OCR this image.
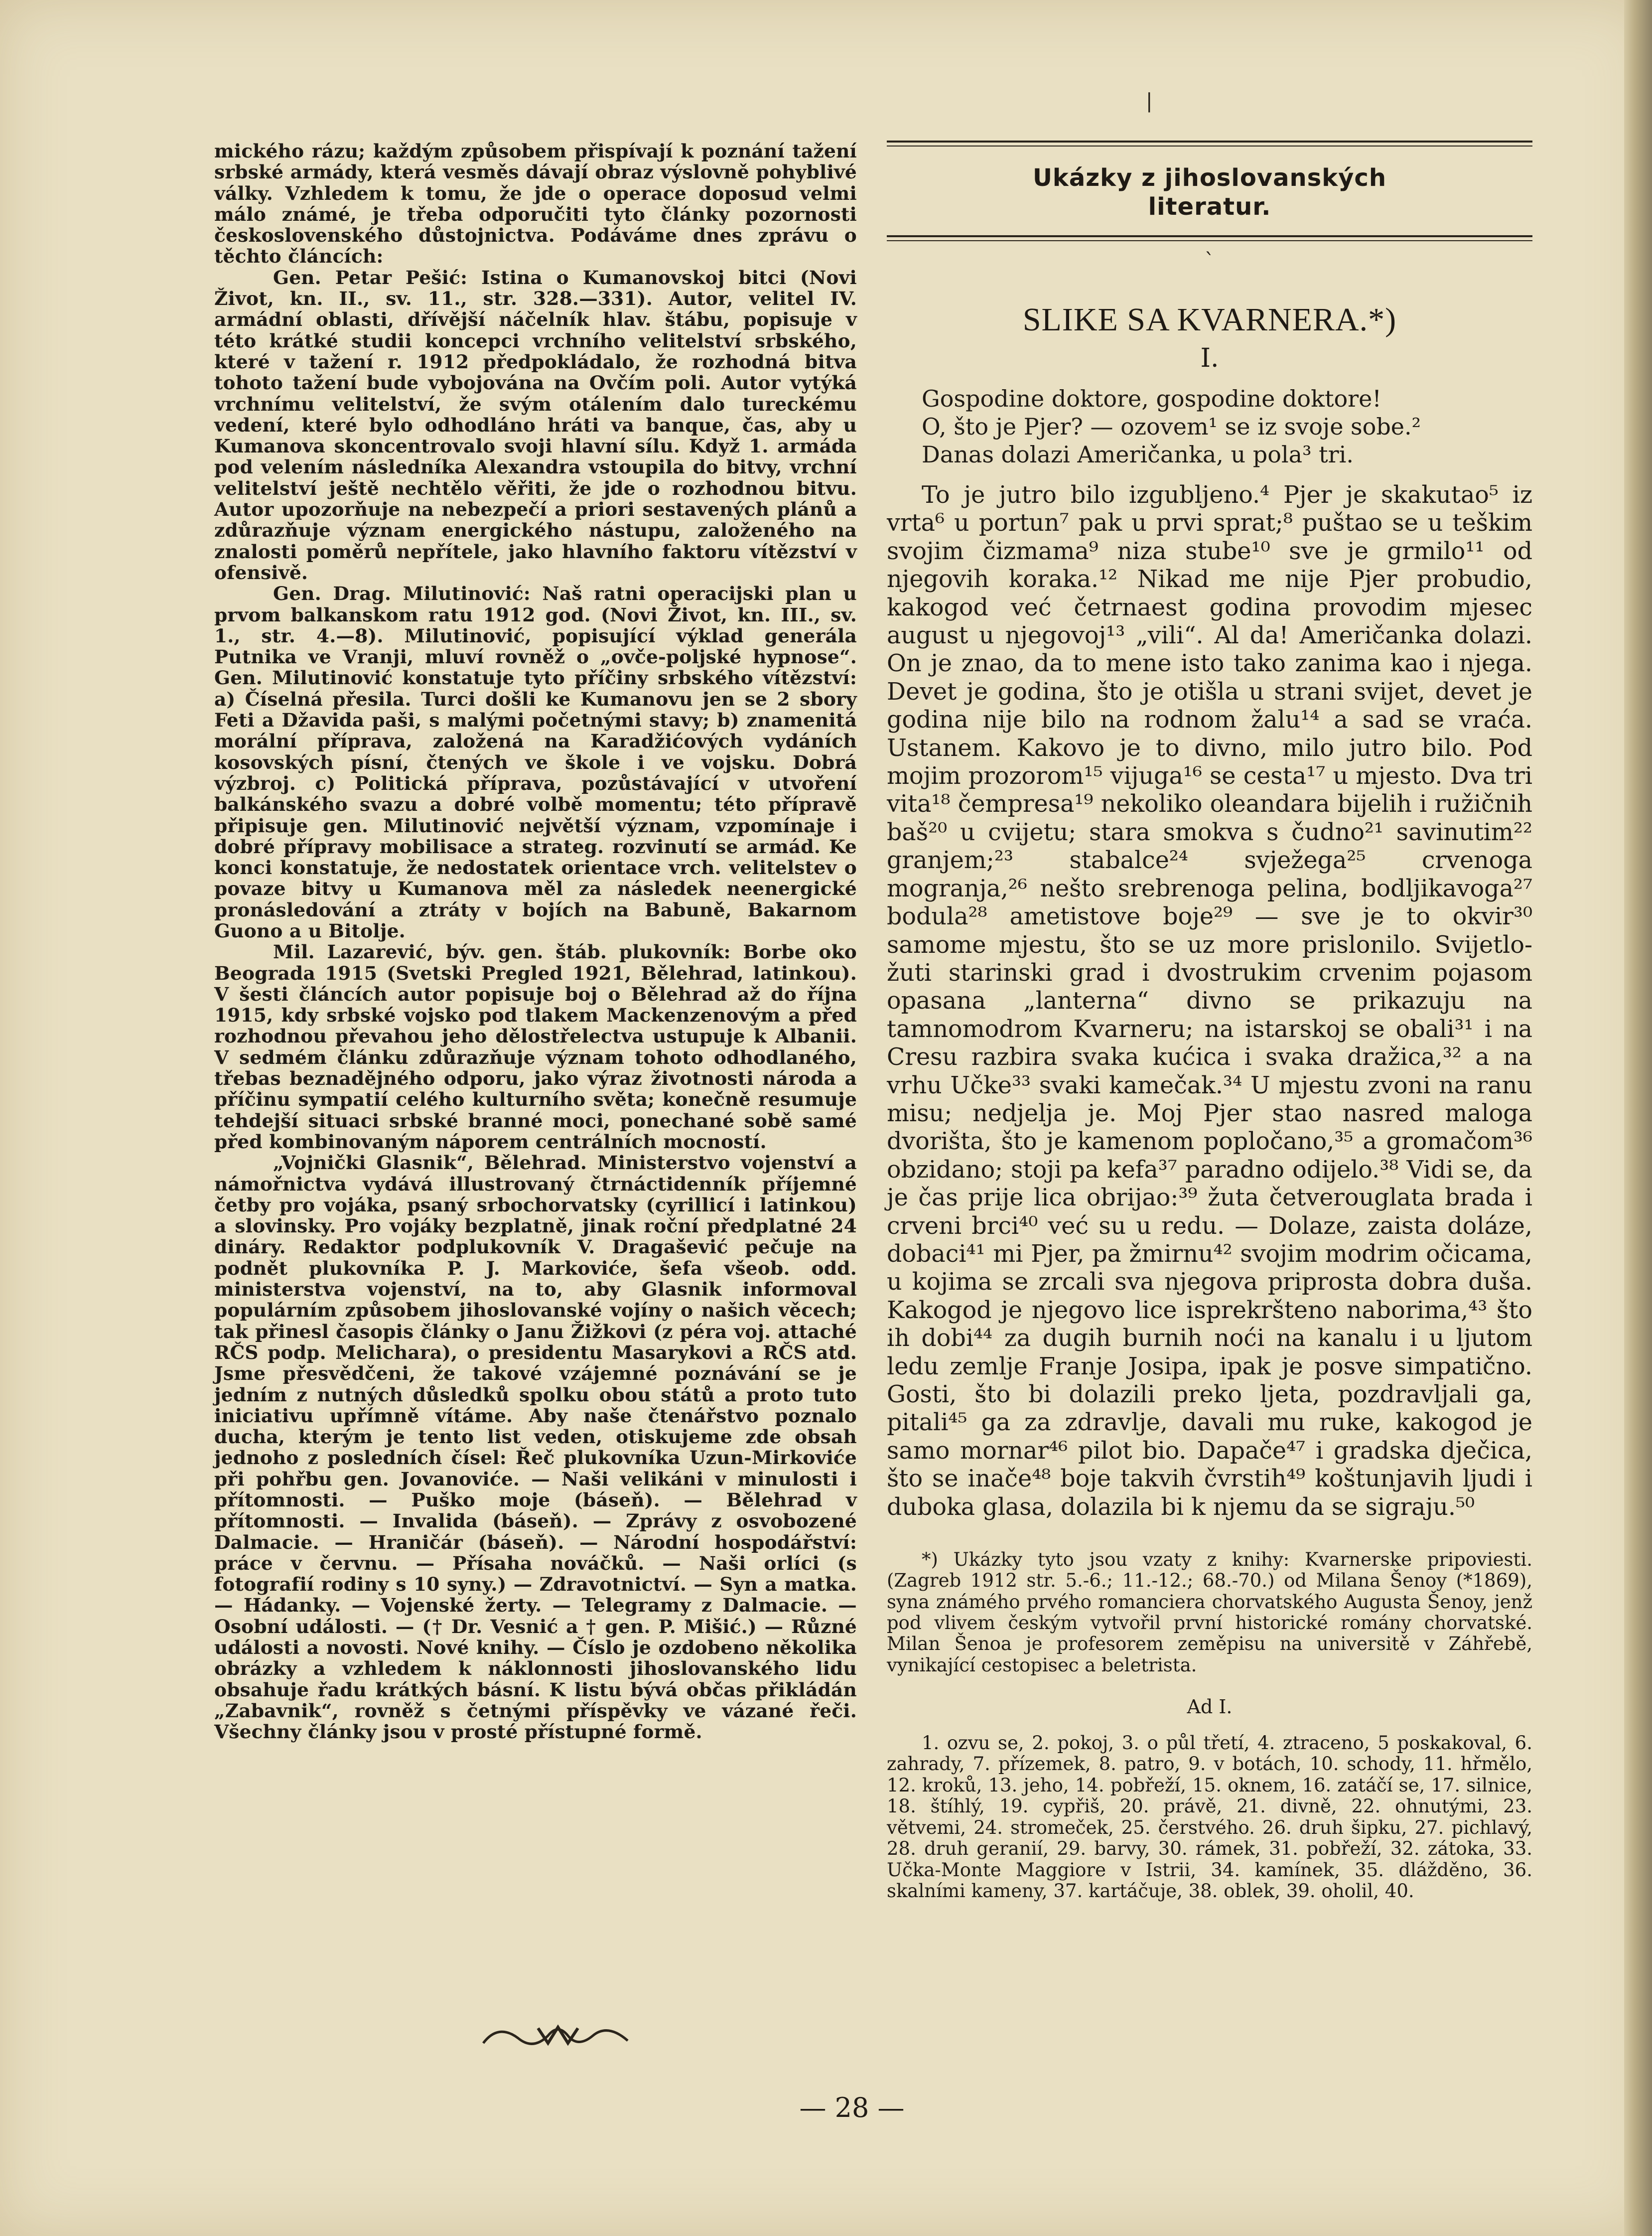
|

mického rázu; každým způsobem přispívají k poznání tažení srbské armády, která vesměs dávají obraz výslovně pohyblivé války. Vzhledem k tomu, že jde o operace doposud velmi málo známé, je třeba odporučiti tyto články pozornosti československého důstojnictva. Podáváme dnes zprávu o těchto článcích:

Gen. Petar Pešić: Istina o Kumanovskoj bitci (Novi Život, kn. II., sv. 11., str. 328.—331). Autor, velitel IV. armádní oblasti, dřívější náčelník hlav. štábu, popisuje v této krátké studii koncepci vrchního velitelství srbského, které v tažení r. 1912 předpokládalo, že rozhodná bitva tohoto tažení bude vybojována na Ovčím poli. Autor vytýká vrchnímu velitelství, že svým otálením dalo tureckému vedení, které bylo odhodláno hráti va banque, čas, aby u Kumanova skoncentrovalo svoji hlavní sílu. Když 1. armáda pod velením následníka Alexandra vstoupila do bitvy, vrchní velitelství ještě nechtělo věřiti, že jde o rozhodnou bitvu. Autor upozorňuje na nebezpečí a priori sestavených plánů a zdůrazňuje význam energického nástupu, založeného na znalosti poměrů nepřítele, jako hlavního faktoru vítězství v ofensivě.

Gen. Drag. Milutinović: Naš ratni operacijski plan u prvom balkanskom ratu 1912 god. (Novi Život, kn. III., sv. 1., str. 4.—8). Milutinović, popisující výklad generála Putnika ve Vranji, mluví rovněž o „ovče-poljské hypnose“. Gen. Milutinović konstatuje tyto příčiny srbského vítězství: a) Číselná přesila. Turci došli ke Kumanovu jen se 2 sbory Feti a Džavida paši, s malými početnými stavy; b) znamenitá morální příprava, založená na Karadžićových vydáních kosovských písní, čtených ve škole i ve vojsku. Dobrá výzbroj. c) Politická příprava, pozůstávající v utvoření balkánského svazu a dobré volbě momentu; této přípravě připisuje gen. Milutinović největší význam, vzpomínaje i dobré přípravy mobilisace a strateg. rozvinutí se armád. Ke konci konstatuje, že nedostatek orientace vrch. velitelstev o povaze bitvy u Kumanova měl za následek neenergické pronásledování a ztráty v bojích na Babuně, Bakarnom Guono a u Bitolje.

Mil. Lazarević, býv. gen. štáb. plukovník: Borbe oko Beograda 1915 (Svetski Pregled 1921, Bělehrad, latinkou). V šesti článcích autor popisuje boj o Bělehrad až do října 1915, kdy srbské vojsko pod tlakem Mackenzenovým a před rozhodnou převahou jeho dělostřelectva ustupuje k Albanii. V sedmém článku zdůrazňuje význam tohoto odhodlaného, třebas beznadějného odporu, jako výraz životnosti národa a příčinu sympatií celého kulturního světa; konečně resumuje tehdejší situaci srbské branné moci, ponechané sobě samé před kombinovaným náporem centrálních mocností.

„Vojnički Glasnik“, Bělehrad. Ministerstvo vojenství a námořnictva vydává illustrovaný čtrnáctidenník příjemné četby pro vojáka, psaný srbochorvatsky (cyrillicí i latinkou) a slovinsky. Pro vojáky bezplatně, jinak roční předplatné 24 dináry. Redaktor podplukovník V. Dragašević pečuje na podnět plukovníka P. J. Markoviće, šefa všeob. odd. ministerstva vojenství, na to, aby Glasnik informoval populárním způsobem jihoslovanské vojíny o našich věcech; tak přinesl časopis články o Janu Žižkovi (z péra voj. attaché RČS podp. Melichara), o presidentu Masarykovi a RČS atd. Jsme přesvědčeni, že takové vzájemné poznávání se je jedním z nutných důsledků spolku obou států a proto tuto iniciativu upřímně vítáme. Aby naše čtenářstvo poznalo ducha, kterým je tento list veden, otiskujeme zde obsah jednoho z posledních čísel: Řeč plukovníka Uzun-Mirkoviće při pohřbu gen. Jovanoviće. — Naši velikáni v minulosti i přítomnosti. — Puško moje (báseň). — Bělehrad v přítomnosti. — Invalida (báseň). — Zprávy z osvobozené Dalmacie. — Hraničár (báseň). — Národní hospodářství: práce v červnu. — Přísaha nováčků. — Naši orlíci (s fotografií rodiny s 10 syny.) — Zdravotnictví. — Syn a matka. — Hádanky. — Vojenské žerty. — Telegramy z Dalmacie. — Osobní události. — († Dr. Vesnić a † gen. P. Mišić.) — Různé události a novosti. Nové knihy. — Číslo je ozdobeno několika obrázky a vzhledem k náklonnosti jihoslovanského lidu obsahuje řadu krátkých básní. K listu bývá občas přikládán „Zabavnik“, rovněž s četnými příspěvky ve vázané řeči. Všechny články jsou v prosté přístupné formě.

Ukázky z jihoslovanských
literatur.
`
SLIKE SA KVARNERA.*)
I.
Gospodine doktore, gospodine doktore!
O, što je Pjer? — ozovem¹ se iz svoje sobe.²
Danas dolazi Američanka, u pola³ tri.

To je jutro bilo izgubljeno.⁴ Pjer je skakutao⁵ iz vrta⁶ u portun⁷ pak u prvi sprat;⁸ puštao se u teškim svojim čizmama⁹ niza stube¹⁰ sve je grmilo¹¹ od njegovih koraka.¹² Nikad me nije Pjer probudio, kakogod već četrnaest godina provodim mjesec august u njegovoj¹³ „vili“. Al da! Američanka dolazi. On je znao, da to mene isto tako zanima kao i njega. Devet je godina, što je otišla u strani svijet, devet je godina nije bilo na rodnom žalu¹⁴ a sad se vraća. Ustanem. Kakovo je to divno, milo jutro bilo. Pod mojim prozorom¹⁵ vijuga¹⁶ se cesta¹⁷ u mjesto. Dva tri vita¹⁸ čempresa¹⁹ nekoliko oleandara bijelih i ružičnih baš²⁰ u cvijetu; stara smokva s čudno²¹ savinutim²² granjem;²³ stabalce²⁴ svježega²⁵ crvenoga mogranja,²⁶ nešto srebrenoga pelina, bodljikavoga²⁷ bodula²⁸ ametistove boje²⁹ — sve je to okvir³⁰ samome mjestu, što se uz more prislonilo. Svijetlo-žuti starinski grad i dvostrukim crvenim pojasom opasana „lanterna“ divno se prikazuju na tamnomodrom Kvarneru; na istarskoj se obali³¹ i na Cresu razbira svaka kućica i svaka dražica,³² a na vrhu Učke³³ svaki kamečak.³⁴ U mjestu zvoni na ranu misu; nedjelja je. Moj Pjer stao nasred maloga dvorišta, što je kamenom popločano,³⁵ a gromačom³⁶ obzidano; stoji pa kefa³⁷ paradno odijelo.³⁸ Vidi se, da je čas prije lica obrijao:³⁹ žuta četverouglata brada i crveni brci⁴⁰ već su u redu. — Dolaze, zaista doláze, dobaci⁴¹ mi Pjer, pa žmirnu⁴² svojim modrim očicama, u kojima se zrcali sva njegova priprosta dobra duša. Kakogod je njegovo lice isprekršteno naborima,⁴³ što ih dobi⁴⁴ za dugih burnih noći na kanalu i u ljutom ledu zemlje Franje Josipa, ipak je posve simpatično. Gosti, što bi dolazili preko ljeta, pozdravljali ga, pitali⁴⁵ ga za zdravlje, davali mu ruke, kakogod je samo mornar⁴⁶ pilot bio. Dapače⁴⁷ i gradska dječica, što se inače⁴⁸ boje takvih čvrstih⁴⁹ koštunjavih ljudi i duboka glasa, dolazila bi k njemu da se sigraju.⁵⁰

*) Ukázky tyto jsou vzaty z knihy: Kvarnerske pripoviesti. (Zagreb 1912 str. 5.-6.; 11.-12.; 68.-70.) od Milana Šenoy (*1869), syna známého prvého romanciera chorvatského Augusta Šenoy, jenž pod vlivem českým vytvořil první historické romány chorvatské. Milan Šenoa je profesorem zeměpisu na universitě v Záhřebě, vynikající cestopisec a beletrista.

Ad I.

1. ozvu se, 2. pokoj, 3. o půl třetí, 4. ztraceno, 5 poskakoval, 6. zahrady, 7. přízemek, 8. patro, 9. v botách, 10. schody, 11. hřmělo, 12. kroků, 13. jeho, 14. pobřeží, 15. oknem, 16. zatáčí se, 17. silnice, 18. štíhlý, 19. cypřiš, 20. právě, 21. divně, 22. ohnutými, 23. větvemi, 24. stromeček, 25. čerstvého. 26. druh šipku, 27. pichlavý, 28. druh geranií, 29. barvy, 30. rámek, 31. pobřeží, 32. zátoka, 33. Učka-Monte Maggiore v Istrii, 34. kamínek, 35. dlážděno, 36. skalními kameny, 37. kartáčuje, 38. oblek, 39. oholil, 40.

— 28 —
